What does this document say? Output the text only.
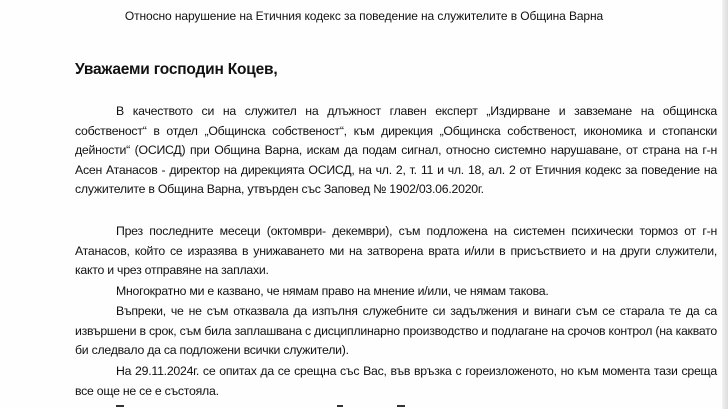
Относно нарушение на Етичния кодекс за поведение на служителите в Община Варна
Уважаеми господин Коцев,

В качеството си на служител на длъжност главен експерт „Издирване и завземане на общинска собственост“ в отдел „Общинска собственост“, към дирекция „Общинска собственост, икономика и стопански дейности“ (ОСИСД) при Община Варна, искам да подам сигнал, относно системно нарушаване, от страна на г-н Асен Атанасов - директор на дирекцията ОСИСД, на чл. 2, т. 11 и чл. 18, ал. 2 от Етичния кодекс за поведение на служителите в Община Варна, утвърден със Заповед № 1902/03.06.2020г.

През последните месеци (октомври- декември), съм подложена на системен психически тормоз от г-н Атанасов, който се изразява в унижаването ми на затворена врата и/или в присъствието и на други служители, както и чрез отправяне на заплахи.

Многократно ми е казвано, че нямам право на мнение и/или, че нямам такова.

Въпреки, че не съм отказвала да изпълня служебните си задължения и винаги съм се старала те да са извършени в срок, съм била заплашвана с дисциплинарно производство и подлагане на срочов контрол (на каквато би следвало да са подложени всички служители).

На 29.11.2024г. се опитах да се срещна със Вас, във връзка с гореизложеното, но към момента тази среща все още не се е състояла.
